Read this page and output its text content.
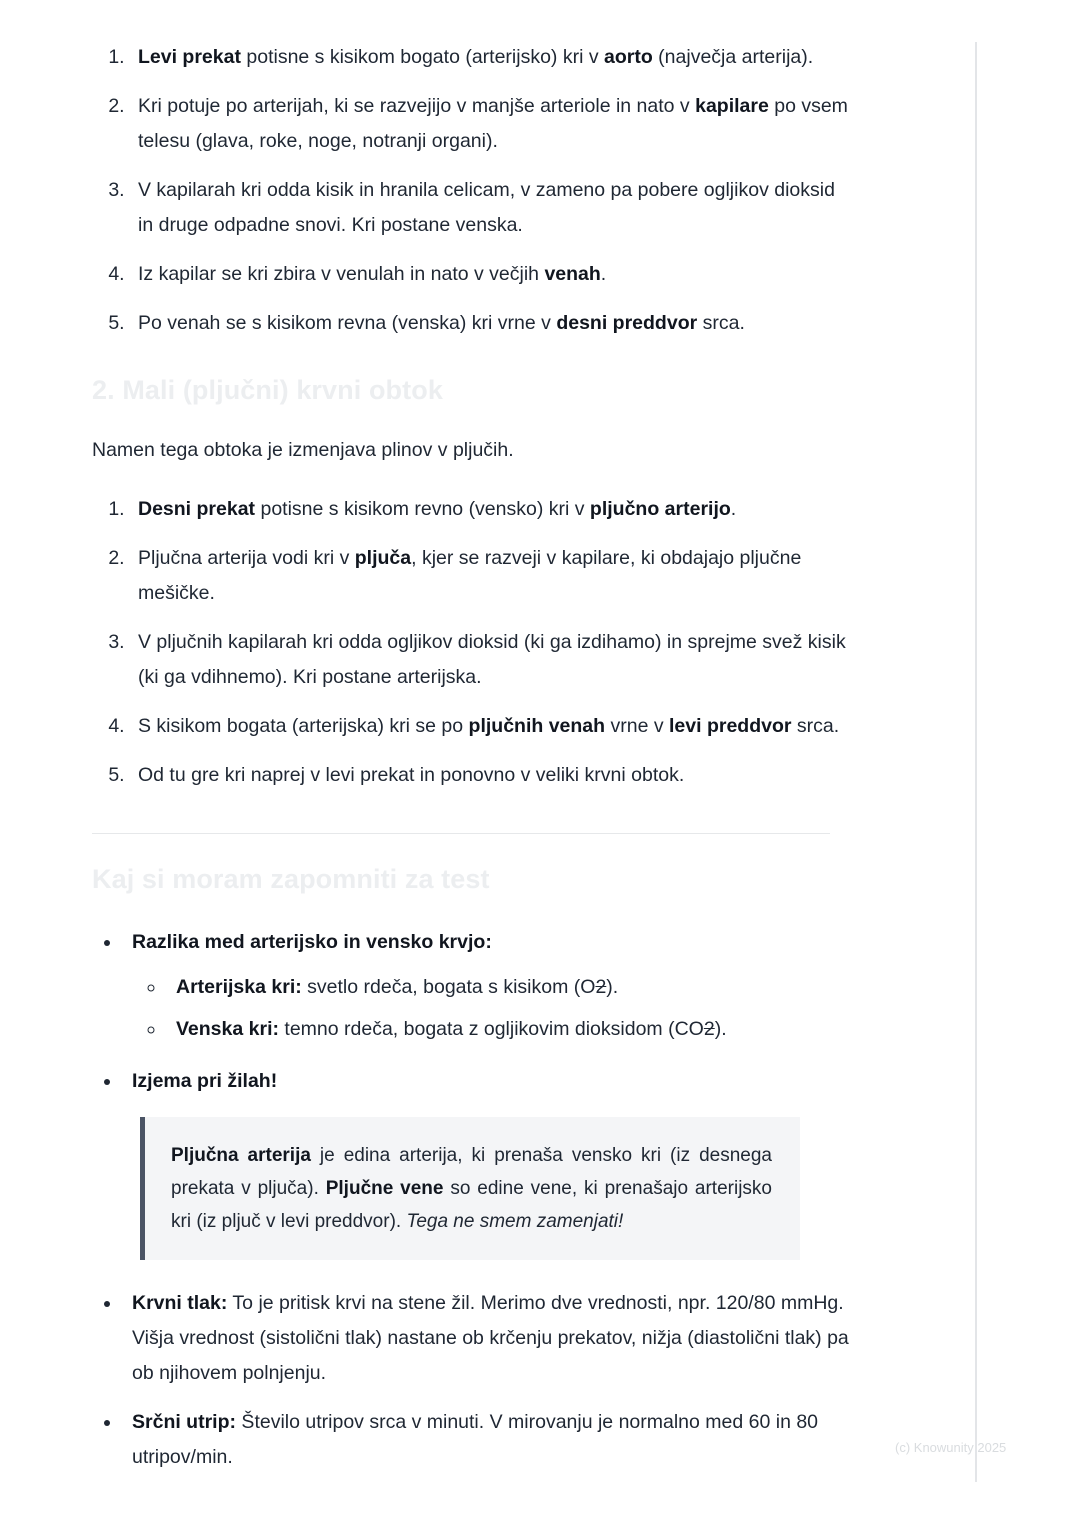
1. Levi prekat potisne s kisikom bogato (arterijsko) kri v aorto (največja arterija).
2. Kri potuje po arterijah, ki se razvejijo v manjše arteriole in nato v kapilare po vsem telesu (glava, roke, noge, notranji organi).
3. V kapilarah kri odda kisik in hranila celicam, v zameno pa pobere ogljikov dioksid in druge odpadne snovi. Kri postane venska.
4. Iz kapilar se kri zbira v venulah in nato v večjih venah.
5. Po venah se s kisikom revna (venska) kri vrne v desni preddvor srca.
2. Mali (pljučni) krvni obtok

Namen tega obtoka je izmenjava plinov v pljučih.

1. Desni prekat potisne s kisikom revno (vensko) kri v pljučno arterijo.
2. Pljučna arterija vodi kri v pljuča, kjer se razveji v kapilare, ki obdajajo pljučne mešičke.
3. V pljučnih kapilarah kri odda ogljikov dioksid (ki ga izdihamo) in sprejme svež kisik (ki ga vdihnemo). Kri postane arterijska.
4. S kisikom bogata (arterijska) kri se po pljučnih venah vrne v levi preddvor srca.
5. Od tu gre kri naprej v levi prekat in ponovno v veliki krvni obtok.
Kaj si moram zapomniti za test
• Razlika med arterijsko in vensko krvjo:
◦ Arterijska kri: svetlo rdeča, bogata s kisikom (O2).
◦ Venska kri: temno rdeča, bogata z ogljikovim dioksidom (CO2).
• Izjema pri žilah!

Pljučna arterija je edina arterija, ki prenaša vensko kri (iz desnega prekata v pljuča). Pljučne vene so edine vene, ki prenašajo arterijsko kri (iz pljuč v levi preddvor). Tega ne smem zamenjati!

• Krvni tlak: To je pritisk krvi na stene žil. Merimo dve vrednosti, npr. 120/80 mmHg. Višja vrednost (sistolični tlak) nastane ob krčenju prekatov, nižja (diastolični tlak) pa ob njihovem polnjenju.
• Srčni utrip: Število utripov srca v minuti. V mirovanju je normalno med 60 in 80 utripov/min.	(c) Knowunity 2025
